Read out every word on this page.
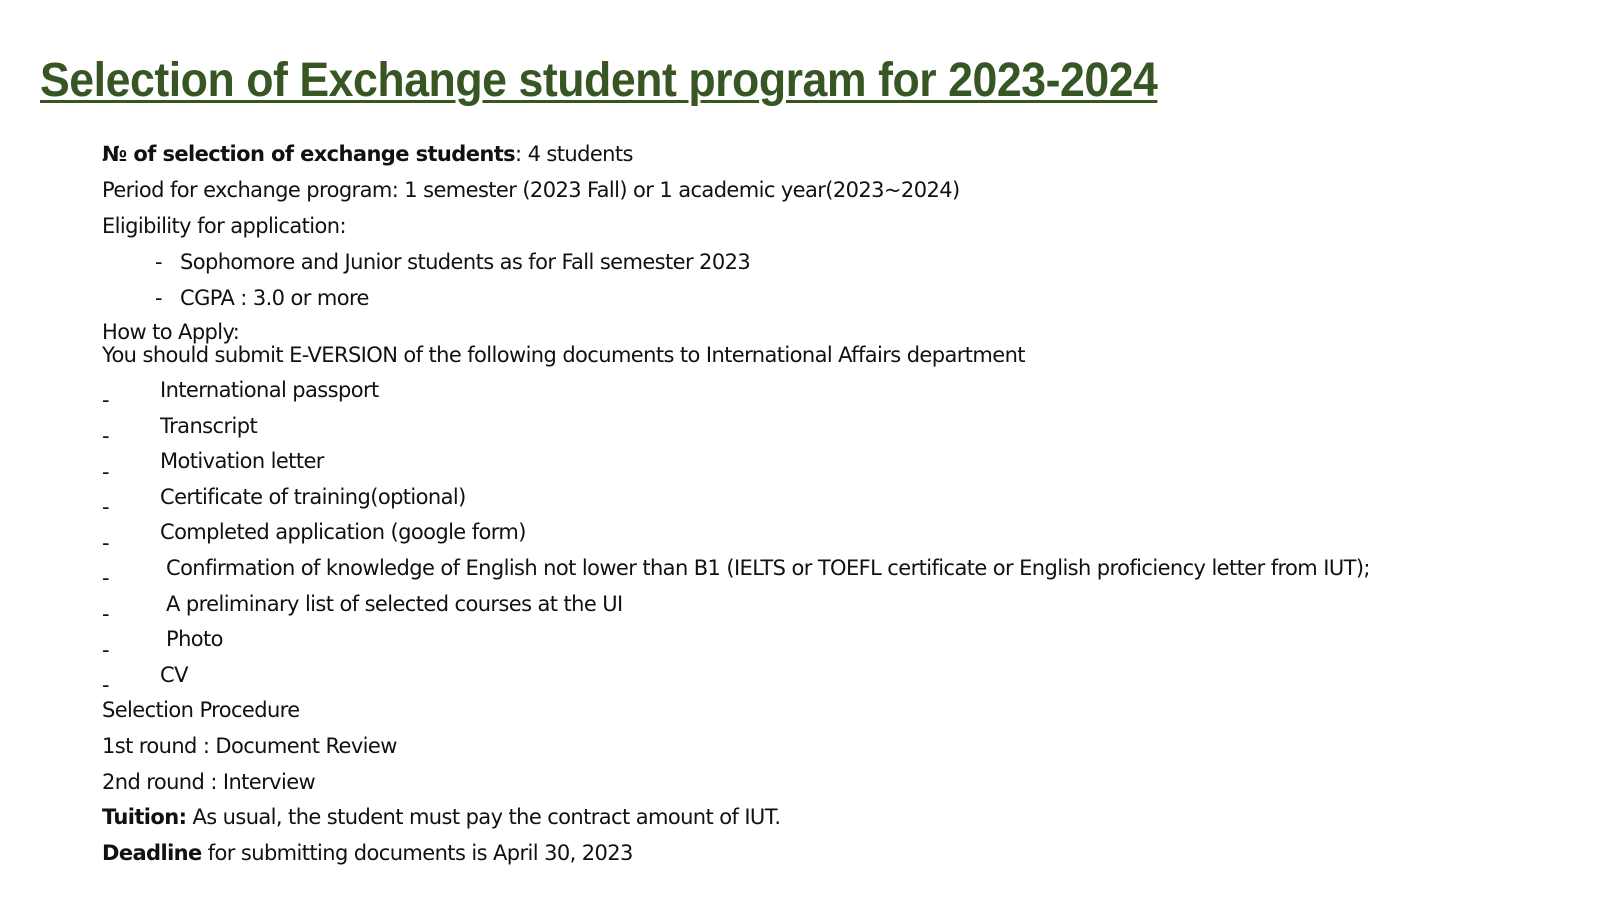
Selection of Exchange student program for 2023-2024
№ of selection of exchange students: 4 students
Period for exchange program: 1 semester (2023 Fall) or 1 academic year(2023~2024)
Eligibility for application:
- Sophomore and Junior students as for Fall semester 2023
- CGPA : 3.0 or more
How to Apply:
You should submit E-VERSION of the following documents to International Affairs department
- International passport
- Transcript
- Motivation letter
- Certificate of training(optional)
- Completed application (google form)
-	Confirmation of knowledge of English not lower than B1 (IELTS or TOEFL certificate or English proficiency letter from IUT);
-	A preliminary list of selected courses at the UI
-	Photo
- CV
Selection Procedure
1st round : Document Review
2nd round : Interview
Tuition: As usual, the student must pay the contract amount of IUT.
Deadline for submitting documents is April 30, 2023
